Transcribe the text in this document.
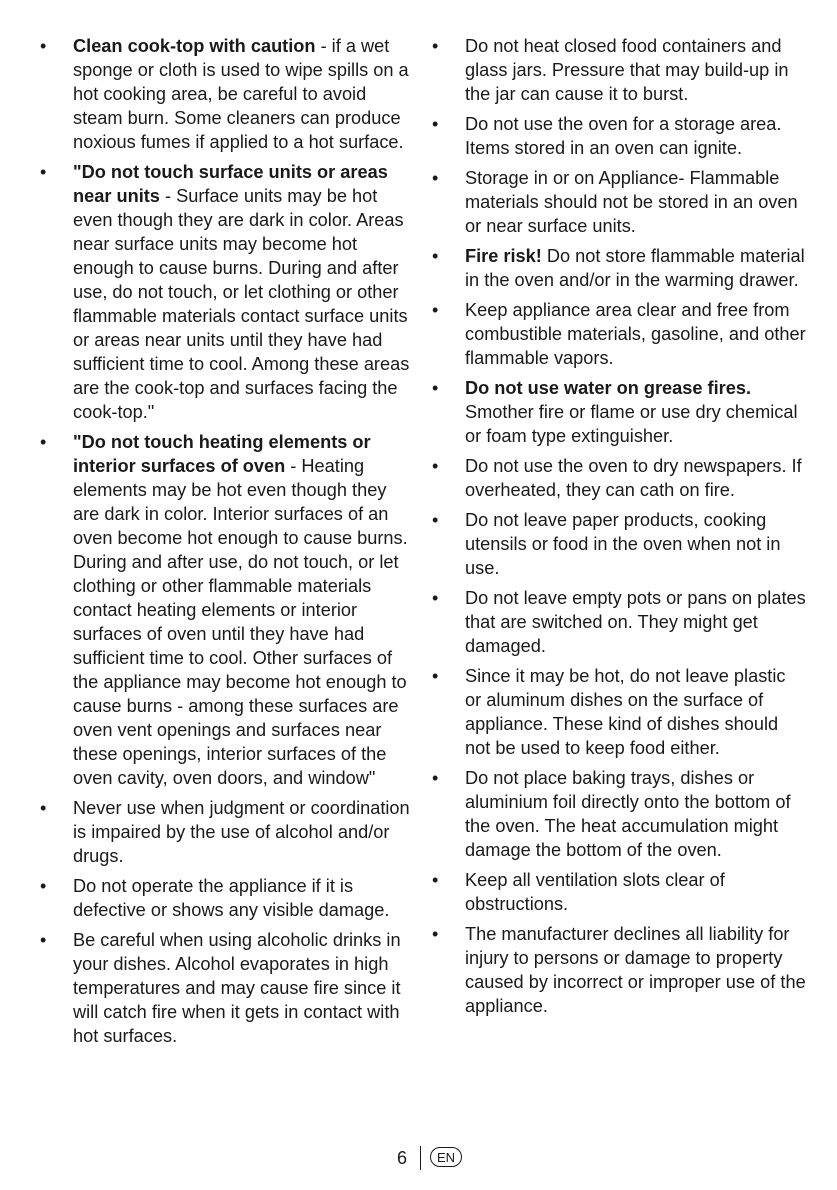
•	Clean cook-top with caution - if a wet sponge or cloth is used to wipe spills on a hot cooking area, be careful to avoid steam burn. Some cleaners can produce noxious fumes if applied to a hot surface.
•	"Do not touch surface units or areas near units - Surface units may be hot even though they are dark in color. Areas near surface units may become hot enough to cause burns. During and after use, do not touch, or let clothing or other flammable materials contact surface units or areas near units until they have had sufficient time to cool. Among these areas are the cook-top and surfaces facing the cook-top."
•	"Do not touch heating elements or interior surfaces of oven - Heating elements may be hot even though they are dark in color. Interior surfaces of an oven become hot enough to cause burns. During and after use, do not touch, or let clothing or other flammable materials contact heating elements or interior surfaces of oven until they have had sufficient time to cool. Other surfaces of the appliance may become hot enough to cause burns - among these surfaces are oven vent openings and surfaces near these openings, interior surfaces of the oven cavity, oven doors, and window"
•	Never use when judgment or coordination is impaired by the use of alcohol and/or drugs.
•	Do not operate the appliance if it is defective or shows any visible damage.
•	Be careful when using alcoholic drinks in your dishes. Alcohol evaporates in high temperatures and may cause fire since it will catch fire when it gets in contact with hot surfaces.
•	Do not heat closed food containers and glass jars. Pressure that may build-up in the jar can cause it to burst.
•	Do not use the oven for a storage area. Items stored in an oven can ignite.
•	Storage in or on Appliance- Flammable materials should not be stored in an oven or near surface units.
•	Fire risk! Do not store flammable material in the oven and/or in the warming drawer.
•	Keep appliance area clear and free from combustible materials, gasoline, and other flammable vapors.
•	Do not use water on grease fires. Smother fire or flame or use dry chemical or foam type extinguisher.
•	Do not use the oven to dry newspapers. If overheated, they can cath on fire.
•	Do not leave paper products, cooking utensils or food in the oven when not in use.
•	Do not leave empty pots or pans on plates that are switched on. They might get damaged.
•	Since it may be hot, do not leave plastic or aluminum dishes on the surface of appliance. These kind of dishes should not be used to keep food either.
•	Do not place baking trays, dishes or aluminium foil directly onto the bottom of the oven. The heat accumulation might damage the bottom of the oven.
•	Keep all ventilation slots clear of obstructions.
•	The manufacturer declines all liability for injury to persons or damage to property caused by incorrect or improper use of the appliance.
6	EN
